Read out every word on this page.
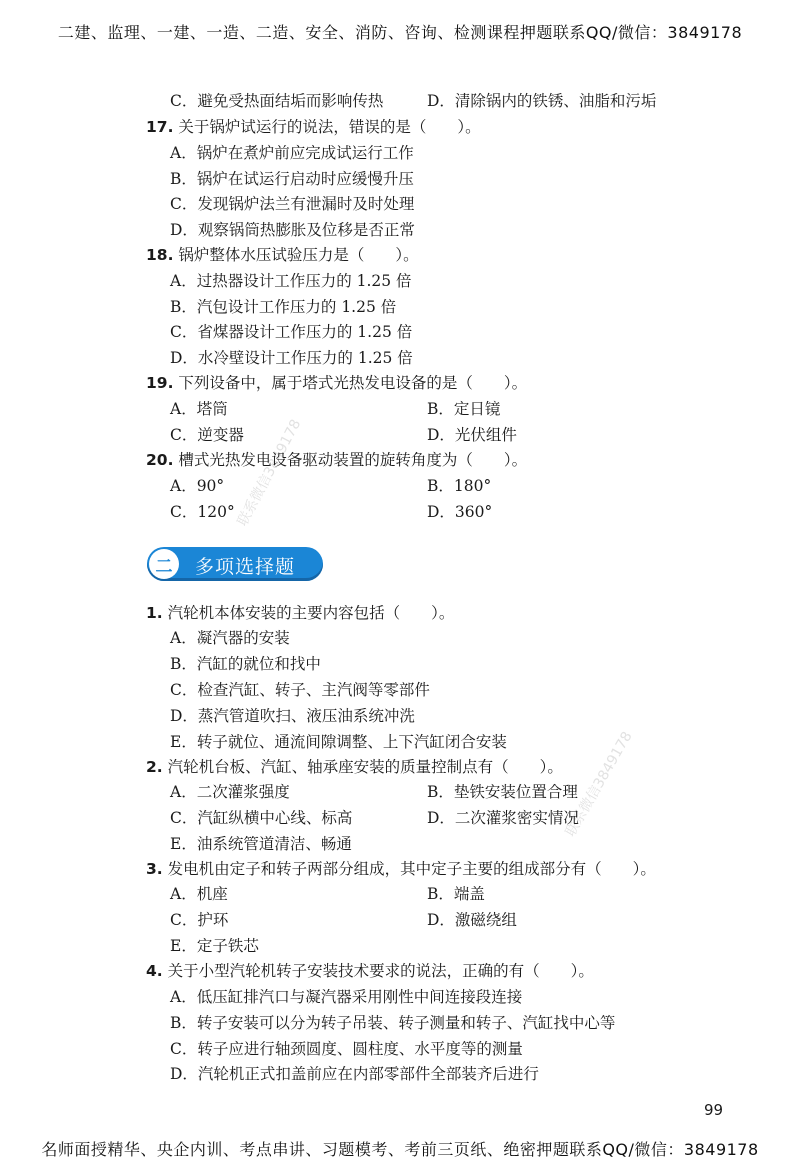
二建、监理、一建、一造、二造、安全、消防、咨询、检测课程押题联系QQ/微信：3849178
联系微信3849178
联系微信3849178
C．避免受热面结垢而影响传热	D．清除锅内的铁锈、油脂和污垢
17. 关于锅炉试运行的说法，错误的是（　　）。
A．锅炉在煮炉前应完成试运行工作
B．锅炉在试运行启动时应缓慢升压
C．发现锅炉法兰有泄漏时及时处理
D．观察锅筒热膨胀及位移是否正常
18. 锅炉整体水压试验压力是（　　）。
A．过热器设计工作压力的 1.25 倍
B．汽包设计工作压力的 1.25 倍
C．省煤器设计工作压力的 1.25 倍
D．水冷壁设计工作压力的 1.25 倍
19. 下列设备中，属于塔式光热发电设备的是（　　）。
A．塔筒	B．定日镜
C．逆变器	D．光伏组件
20. 槽式光热发电设备驱动装置的旋转角度为（　　）。
A．90°	B．180°
C．120°	D．360°
二 多项选择题
1. 汽轮机本体安装的主要内容包括（　　）。
A．凝汽器的安装
B．汽缸的就位和找中
C．检查汽缸、转子、主汽阀等零部件
D．蒸汽管道吹扫、液压油系统冲洗
E．转子就位、通流间隙调整、上下汽缸闭合安装
2. 汽轮机台板、汽缸、轴承座安装的质量控制点有（　　）。
A．二次灌浆强度	B．垫铁安装位置合理
C．汽缸纵横中心线、标高	D．二次灌浆密实情况
E．油系统管道清洁、畅通
3. 发电机由定子和转子两部分组成，其中定子主要的组成部分有（　　）。
A．机座	B．端盖
C．护环	D．激磁绕组
E．定子铁芯
4. 关于小型汽轮机转子安装技术要求的说法，正确的有（　　）。
A．低压缸排汽口与凝汽器采用刚性中间连接段连接
B．转子安装可以分为转子吊装、转子测量和转子、汽缸找中心等
C．转子应进行轴颈圆度、圆柱度、水平度等的测量
D．汽轮机正式扣盖前应在内部零部件全部装齐后进行
99
名师面授精华、央企内训、考点串讲、习题模考、考前三页纸、绝密押题联系QQ/微信：3849178
